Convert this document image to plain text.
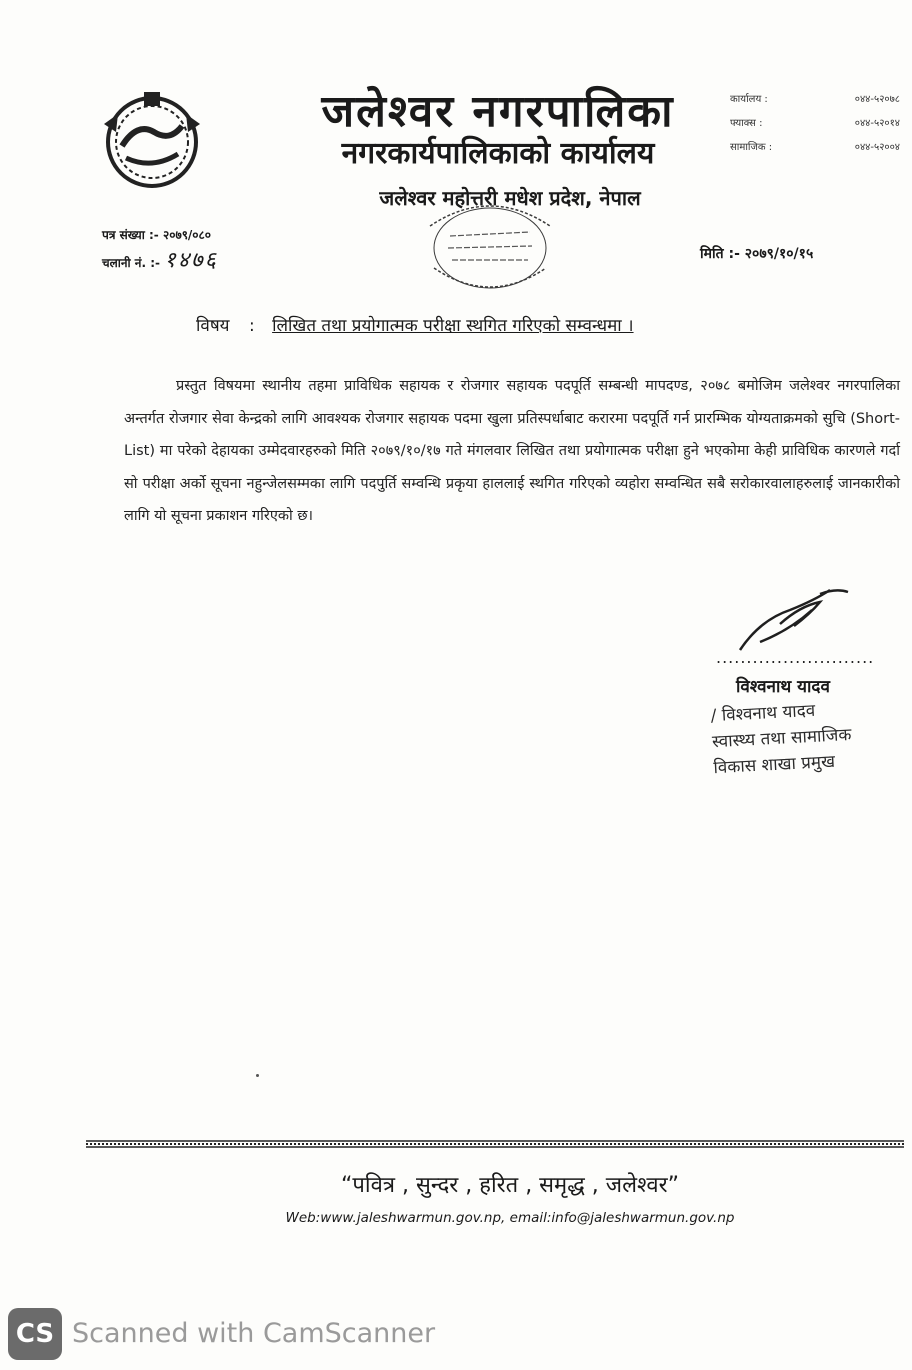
जलेश्वर नगरपालिका
नगरकार्यपालिकाको कार्यालय
जलेश्वर महोत्तरी मधेश प्रदेश, नेपाल
कार्यालय :	०४४-५२०७८
फ्याक्स :	०४४-५२०१४
सामाजिक :	०४४-५२००४
पत्र संख्या :- २०७९/०८०
चलानी नं. :- १४७६	मिति :- २०७९/१०/१५
विषय : लिखित तथा प्रयोगात्मक परीक्षा स्थगित गरिएको सम्वन्धमा ।
प्रस्तुत विषयमा स्थानीय तहमा प्राविधिक सहायक र रोजगार सहायक पदपूर्ति सम्बन्धी मापदण्ड, २०७८ बमोजिम जलेश्वर नगरपालिका अन्तर्गत रोजगार सेवा केन्द्रको लागि आवश्यक रोजगार सहायक पदमा खुला प्रतिस्पर्धाबाट करारमा पदपूर्ति गर्न प्रारम्भिक योग्यताक्रमको सुचि (Short-List) मा परेको देहायका उम्मेदवारहरुको मिति २०७९/१०/१७ गते मंगलवार लिखित तथा प्रयोगात्मक परीक्षा हुने भएकोमा केही प्राविधिक कारणले गर्दा सो परीक्षा अर्को सूचना नहुन्जेलसम्मका लागि पदपुर्ति सम्वन्धि प्रकृया हाललाई स्थगित गरिएको व्यहोरा सम्वन्धित सबै सरोकारवालाहरुलाई जानकारीको लागि यो सूचना प्रकाशन गरिएको छ।
..........................
विश्वनाथ यादव
/ विश्वनाथ यादव
स्वास्थ्य तथा सामाजिक
विकास शाखा प्रमुख
“पवित्र , सुन्दर , हरित , समृद्ध , जलेश्वर”
Web:www.jaleshwarmun.gov.np, email:info@jaleshwarmun.gov.np
CS Scanned with CamScanner
